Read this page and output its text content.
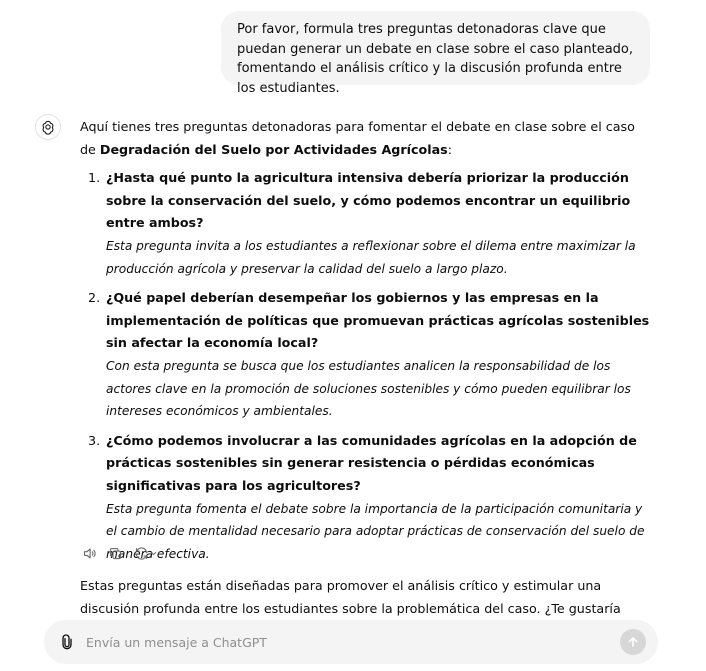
Por favor, formula tres preguntas detonadoras clave que puedan generar un debate en clase sobre el caso planteado, fomentando el análisis crítico y la discusión profunda entre los estudiantes.

Aquí tienes tres preguntas detonadoras para fomentar el debate en clase sobre el caso de Degradación del Suelo por Actividades Agrícolas:

1. ¿Hasta qué punto la agricultura intensiva debería priorizar la producción sobre la conservación del suelo, y cómo podemos encontrar un equilibrio entre ambos?
Esta pregunta invita a los estudiantes a reflexionar sobre el dilema entre maximizar la producción agrícola y preservar la calidad del suelo a largo plazo.
2. ¿Qué papel deberían desempeñar los gobiernos y las empresas en la implementación de políticas que promuevan prácticas agrícolas sostenibles sin afectar la economía local?
Con esta pregunta se busca que los estudiantes analicen la responsabilidad de los actores clave en la promoción de soluciones sostenibles y cómo pueden equilibrar los intereses económicos y ambientales.
3. ¿Cómo podemos involucrar a las comunidades agrícolas en la adopción de prácticas sostenibles sin generar resistencia o pérdidas económicas significativas para los agricultores?
Esta pregunta fomenta el debate sobre la importancia de la participación comunitaria y el cambio de mentalidad necesario para adoptar prácticas de conservación del suelo de manera efectiva.

Estas preguntas están diseñadas para promover el análisis crítico y estimular una discusión profunda entre los estudiantes sobre la problemática del caso. ¿Te gustaría

Envía un mensaje a ChatGPT
